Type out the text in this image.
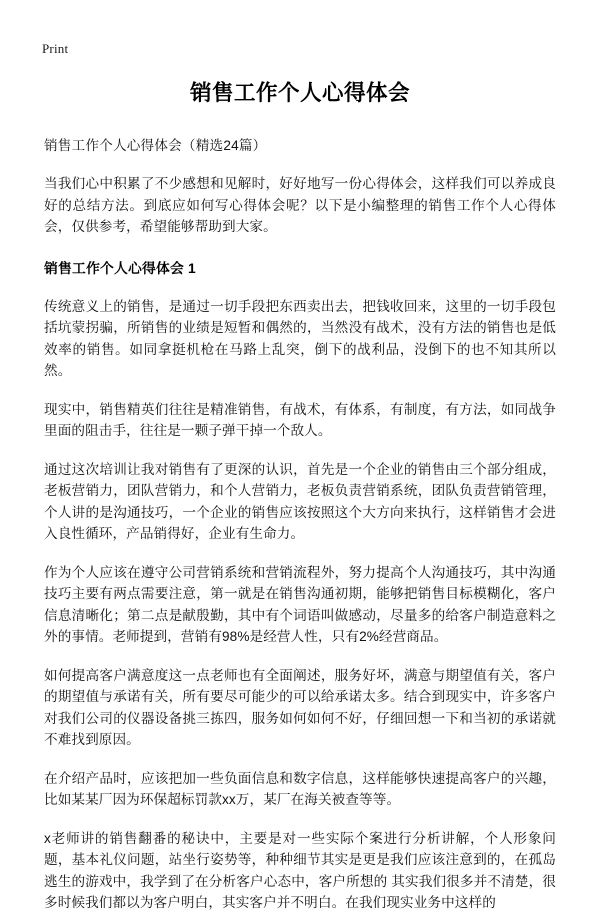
Print
销售工作个人心得体会

销售工作个人心得体会（精选24篇）

当我们心中积累了不少感想和见解时，好好地写一份心得体会，这样我们可以养成良好的总结方法。到底应如何写心得体会呢？以下是小编整理的销售工作个人心得体会，仅供参考，希望能够帮助到大家。

销售工作个人心得体会 1

传统意义上的销售，是通过一切手段把东西卖出去，把钱收回来，这里的一切手段包括坑蒙拐骗，所销售的业绩是短暂和偶然的，当然没有战术，没有方法的销售也是低效率的销售。如同拿挺机枪在马路上乱突，倒下的战利品，没倒下的也不知其所以然。

现实中，销售精英们往往是精准销售，有战术，有体系，有制度，有方法，如同战争里面的阻击手，往往是一颗子弹干掉一个敌人。

通过这次培训让我对销售有了更深的认识，首先是一个企业的销售由三个部分组成，老板营销力，团队营销力，和个人营销力，老板负责营销系统，团队负责营销管理，个人讲的是沟通技巧，一个企业的销售应该按照这个大方向来执行，这样销售才会进入良性循环，产品销得好，企业有生命力。

作为个人应该在遵守公司营销系统和营销流程外，努力提高个人沟通技巧，其中沟通技巧主要有两点需要注意，第一就是在销售沟通初期，能够把销售目标模糊化，客户信息清晰化；第二点是献殷勤，其中有个词语叫做感动，尽量多的给客户制造意料之外的事情。老师提到，营销有98%是经营人性，只有2%经营商品。

如何提高客户满意度这一点老师也有全面阐述，服务好坏，满意与期望值有关，客户的期望值与承诺有关，所有要尽可能少的可以给承诺太多。结合到现实中，许多客户对我们公司的仪器设备挑三拣四，服务如何如何不好，仔细回想一下和当初的承诺就不难找到原因。

在介绍产品时，应该把加一些负面信息和数字信息，这样能够快速提高客户的兴趣，比如某某厂因为环保超标罚款xx万，某厂在海关被查等等。

x老师讲的销售翻番的秘诀中，主要是对一些实际个案进行分析讲解，个人形象问题，基本礼仪问题，站坐行姿势等，种种细节其实是更是我们应该注意到的，在孤岛逃生的游戏中，我学到了在分析客户心态中，客户所想的 其实我们很多并不清楚，很多时候我们都以为客户明白，其实客户并不明白。在我们现实业务中这样的
